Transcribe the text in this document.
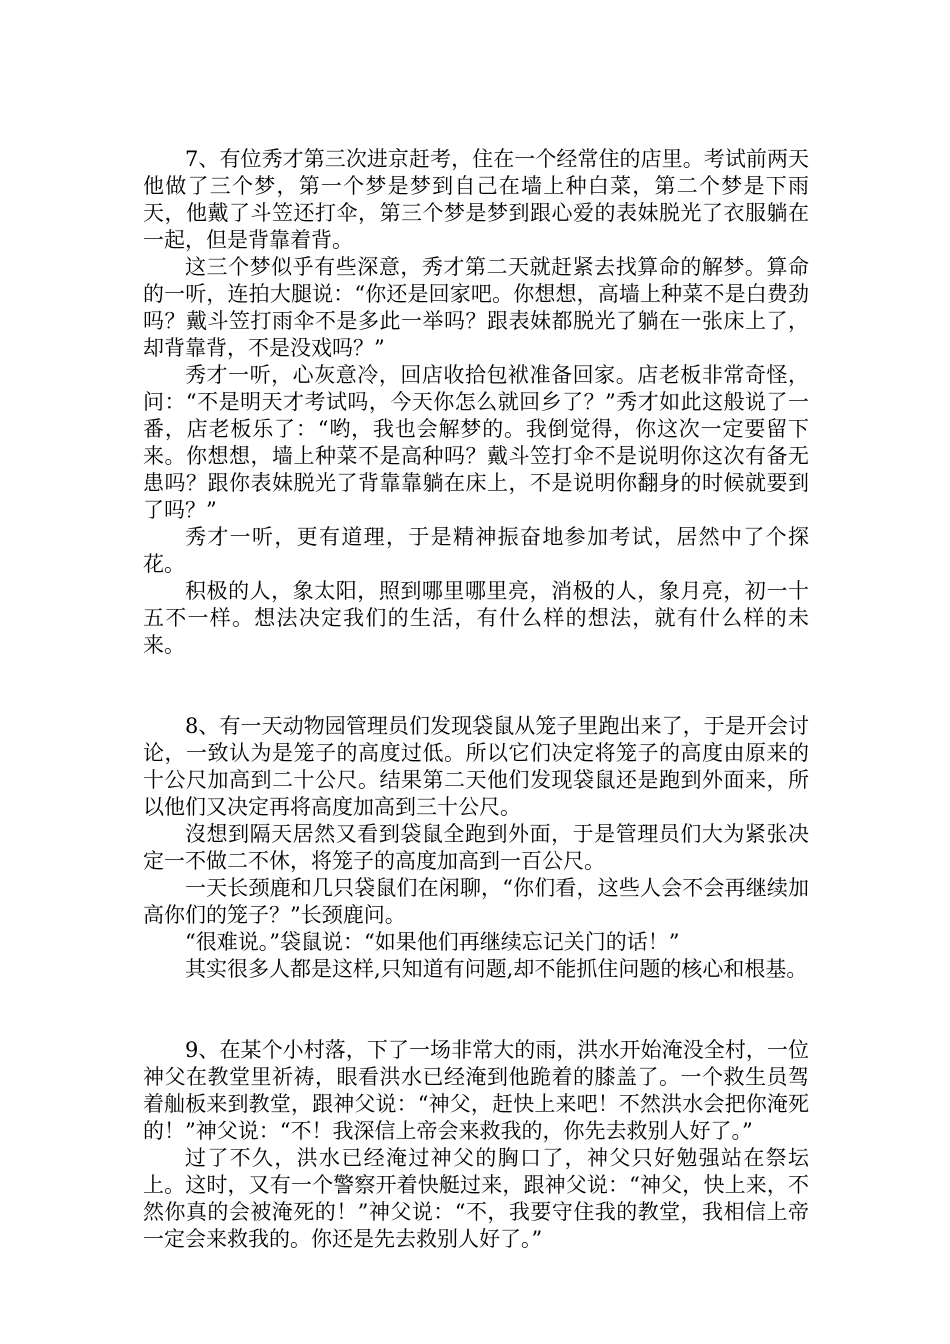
7、有位秀才第三次进京赶考，住在一个经常住的店里。考试前两天他做了三个梦，第一个梦是梦到自己在墙上种白菜，第二个梦是下雨天，他戴了斗笠还打伞，第三个梦是梦到跟心爱的表妹脱光了衣服躺在一起，但是背靠着背。

这三个梦似乎有些深意，秀才第二天就赶紧去找算命的解梦。算命的一听，连拍大腿说：“你还是回家吧。你想想，高墙上种菜不是白费劲吗？戴斗笠打雨伞不是多此一举吗？跟表妹都脱光了躺在一张床上了，却背靠背，不是没戏吗？”

秀才一听，心灰意冷，回店收拾包袱准备回家。店老板非常奇怪，问：“不是明天才考试吗，今天你怎么就回乡了？”秀才如此这般说了一番，店老板乐了：“哟，我也会解梦的。我倒觉得，你这次一定要留下来。你想想，墙上种菜不是高种吗？戴斗笠打伞不是说明你这次有备无患吗？跟你表妹脱光了背靠靠躺在床上，不是说明你翻身的时候就要到了吗？”

秀才一听，更有道理，于是精神振奋地参加考试，居然中了个探花。

积极的人，象太阳，照到哪里哪里亮，消极的人，象月亮，初一十五不一样。想法决定我们的生活，有什么样的想法，就有什么样的未来。

8、有一天动物园管理员们发现袋鼠从笼子里跑出来了，于是开会讨论，一致认为是笼子的高度过低。所以它们决定将笼子的高度由原来的十公尺加高到二十公尺。结果第二天他们发现袋鼠还是跑到外面来，所以他们又决定再将高度加高到三十公尺。

沒想到隔天居然又看到袋鼠全跑到外面，于是管理员们大为紧张决定一不做二不休，将笼子的高度加高到一百公尺。

一天长颈鹿和几只袋鼠们在闲聊，“你们看，这些人会不会再继续加高你们的笼子？”长颈鹿问。

“很难说。”袋鼠说：“如果他们再继续忘记关门的话！”

其实很多人都是这样,只知道有问题,却不能抓住问题的核心和根基。

9、在某个小村落，下了一场非常大的雨，洪水开始淹没全村，一位神父在教堂里祈祷，眼看洪水已经淹到他跪着的膝盖了。一个救生员驾着舢板来到教堂，跟神父说：“神父，赶快上来吧！不然洪水会把你淹死的！”神父说：“不！我深信上帝会来救我的，你先去救别人好了。”

过了不久，洪水已经淹过神父的胸口了，神父只好勉强站在祭坛上。这时，又有一个警察开着快艇过来，跟神父说：“神父，快上来，不然你真的会被淹死的！”神父说：“不，我要守住我的教堂，我相信上帝一定会来救我的。你还是先去救别人好了。”
